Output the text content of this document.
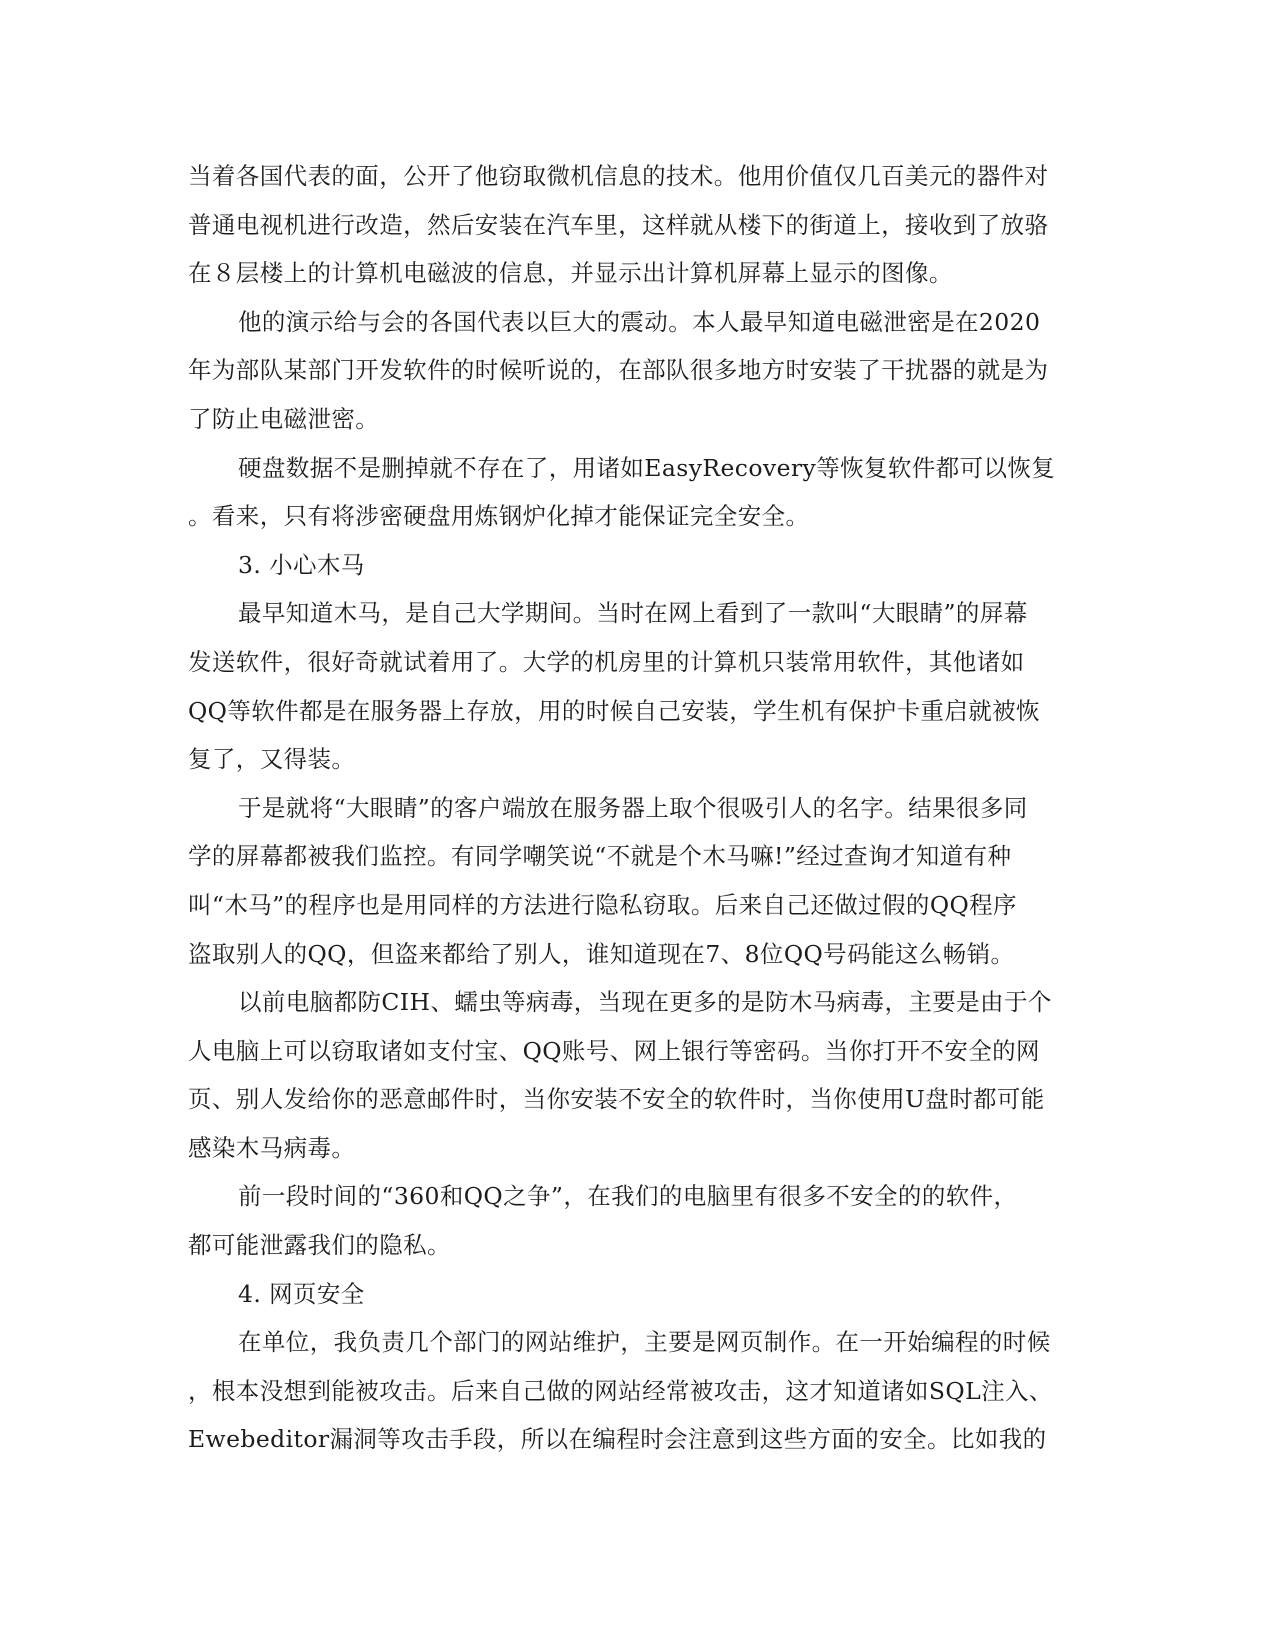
当着各国代表的面，公开了他窃取微机信息的技术。他用价值仅几百美元的器件对
普通电视机进行改造，然后安装在汽车里，这样就从楼下的街道上，接收到了放骆
在８层楼上的计算机电磁波的信息，并显示出计算机屏幕上显示的图像。
他的演示给与会的各国代表以巨大的震动。本人最早知道电磁泄密是在2020
年为部队某部门开发软件的时候听说的，在部队很多地方时安装了干扰器的就是为
了防止电磁泄密。
硬盘数据不是删掉就不存在了，用诸如EasyRecovery等恢复软件都可以恢复
。看来，只有将涉密硬盘用炼钢炉化掉才能保证完全安全。
3. 小心木马
最早知道木马，是自己大学期间。当时在网上看到了一款叫“大眼睛”的屏幕
发送软件，很好奇就试着用了。大学的机房里的计算机只装常用软件，其他诸如
QQ等软件都是在服务器上存放，用的时候自己安装，学生机有保护卡重启就被恢
复了，又得装。
于是就将“大眼睛”的客户端放在服务器上取个很吸引人的名字。结果很多同
学的屏幕都被我们监控。有同学嘲笑说“不就是个木马嘛!”经过查询才知道有种
叫“木马”的程序也是用同样的方法进行隐私窃取。后来自己还做过假的QQ程序
盗取别人的QQ，但盗来都给了别人，谁知道现在7、8位QQ号码能这么畅销。
以前电脑都防CIH、蠕虫等病毒，当现在更多的是防木马病毒，主要是由于个
人电脑上可以窃取诸如支付宝、QQ账号、网上银行等密码。当你打开不安全的网
页、别人发给你的恶意邮件时，当你安装不安全的软件时，当你使用U盘时都可能
感染木马病毒。
前一段时间的“360和QQ之争”，在我们的电脑里有很多不安全的的软件，
都可能泄露我们的隐私。
4. 网页安全
在单位，我负责几个部门的网站维护，主要是网页制作。在一开始编程的时候
，根本没想到能被攻击。后来自己做的网站经常被攻击，这才知道诸如SQL注入、
Ewebeditor漏洞等攻击手段，所以在编程时会注意到这些方面的安全。比如我的
